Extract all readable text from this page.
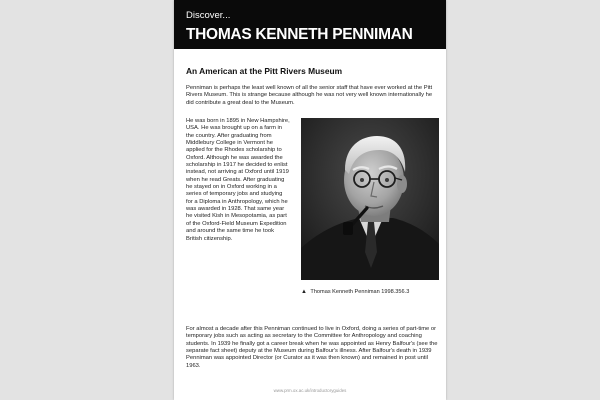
Discover...
THOMAS KENNETH PENNIMAN
An American at the Pitt Rivers Museum
Penniman is perhaps the least well known of all the senior staff that have ever worked at the Pitt Rivers Museum. This is strange because although he was not very well known internationally he did contribute a great deal to the Museum.
He was born in 1895 in New Hampshire, USA. He was brought up on a farm in the country. After graduating from Middlebury College in Vermont he applied for the Rhodes scholarship to Oxford. Although he was awarded the scholarship in 1917 he decided to enlist instead, not arriving at Oxford until 1919 when he read Greats. After graduating he stayed on in Oxford working in a series of temporary jobs and studying for a Diploma in Anthropology, which he was awarded in 1928. That same year he visited Kish in Mesopotamia, as part of the Oxford-Field Museum Expedition and around the same time he took British citizenship.
▲ Thomas Kenneth Penniman 1998.356.3
For almost a decade after this Penniman continued to live in Oxford, doing a series of part-time or temporary jobs such as acting as secretary to the Committee for Anthropology and coaching students. In 1939 he finally got a career break when he was appointed as Henry Balfour's (see the separate fact sheet) deputy at the Museum during Balfour's illness. After Balfour's death in 1939 Penniman was appointed Director (or Curator as it was then known) and remained in post until 1963.
www.prm.ox.ac.uk/introductoryguides
